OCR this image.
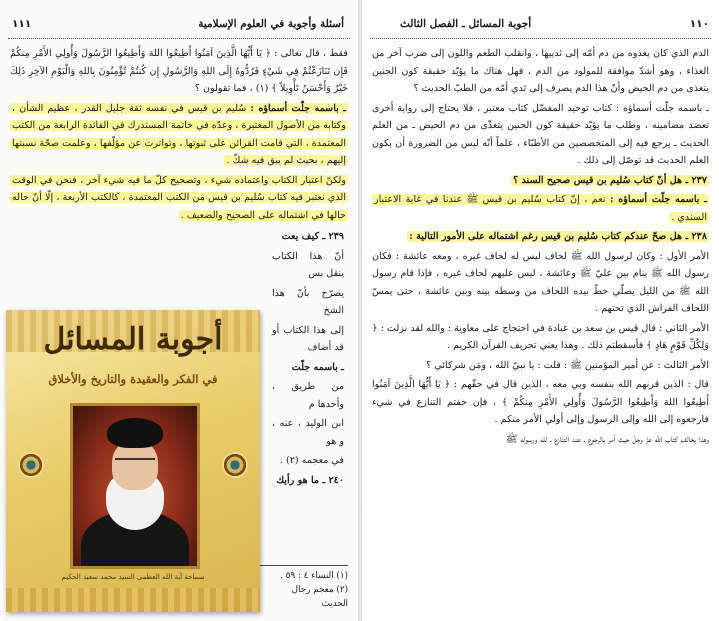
١١٠
أجوبة المسائل ـ الفصل الثالث

الدم الذي كان يغذوه من دم أمّه إلى ثدييها ، وانقلب الطعم واللون إلى ضرب آخر من الغذاء ، وهو أشدّ موافقة للمولود من الدم ، فهل هناك ما يؤيّد حقيقة كون الجنين يتغذى من دم الحيض وأنّ هذا الدم يصرف إلى ثدي أمّه من الطبّ الحديث ؟

ـ باسمه جلّت أسماؤه : كتاب توحيد المفضّل كتاب معتبر ، فلا يحتاج إلى رواية أخرى تعضد مضامينه ، وطلب ما يؤيّد حقيقة كون الجنين يتغذّى من دم الحيض ـ من العلم الحديث ـ يرجع فيه إلى المتخصصين من الأطبّاء ، علماً أنّه ليس من الضرورة أن يكون العلم الحديث قد توصّل إلى ذلك .

٢٣٧ ـ هل أنّ كتاب سُليم بن قيس صحيح السند ؟

ـ باسمه جلّت أسماؤه : نعم ، إنّ كتاب سُليم بن قيس ﷺ عندنا في غاية الاعتبار السندي .

٢٣٨ ـ هل صحّ عندكم كتاب سُليم بن قيس رغم اشتماله على الأمور التالية :

الأمر الأول : وكان لرسول الله ﷺ لحاف ليس له لحاف غيره ، ومعه عائشة : فكان رسول الله ﷺ ينام بين عليّ ﷺ وعائشة ، ليس عليهم لحاف غيره ، فإذا قام رسول الله ﷺ من الليل يصلّي حطّ بيده اللحاف من وسطه بينه وبين عائشة ، حتى يمسّ اللحاف الفراش الذي تحتهم .

الأمر الثاني : قال قيس بن سعد بن عبادة في احتجاج على معاوية : والله لقد نزلت : ﴿ وَلِكُلِّ قَوْمٍ هَادٍ ﴾ فأسقطتم ذلك . وهذا يعني تحريف القرآن الكريم .

الأمر الثالث : عن أمير المؤمنين ﷺ : قلت : يا نبيّ الله ، ومَن شركائي ؟

قال : الذين قرنهم الله بنفسه وبي معه ، الذين قال في حقّهم : ﴿ يَا أَيُّهَا الَّذِينَ آمَنُوا أَطِيعُوا اللهَ وَأَطِيعُوا الرَّسُولَ وَأُولِي الأَمْرِ مِنكُمْ ﴾ ، فإن خفتم التنازع في شيء فارجعوه إلى الله وإلى الرسول وإلى أولي الأمر منكم .

وهذا يخالف كتاب الله عزّ وجلّ حيث أمر بالرجوع ـ عند التنازع ـ لله ورسوله ﷺ

١١١	أسئلة وأجوبة في العلوم الإسلامية

فقط ، قال تعالى : ﴿ يَا أَيُّهَا الَّذِينَ آمَنُوا أَطِيعُوا اللهَ وَأَطِيعُوا الرَّسُولَ وَأُولِي الأَمْرِ مِنكُمْ فَإِن تَنَازَعْتُمْ فِي شَيْءٍ فَرُدُّوهُ إِلَى اللهِ وَالرَّسُولِ إِن كُنتُمْ تُؤْمِنُونَ بِاللهِ وَالْيَوْمِ الآخِرِ ذَلِكَ خَيْرٌ وَأَحْسَنُ تَأْوِيلاً ﴾ (١) ، فما تقولون ؟

ـ باسمه جلّت أسماؤه : سُليم بن قيس في نفسه ثقة جليل القدر ، عظيم الشأن ، وكتابه من الأصول المعتبرة ، وعدّه في خاتمة المستدرك في الفائدة الرابعة من الكتب المعتمدة ، التي قامت القرائن على ثبوتها ، وتواترت عن مؤلّفها ، وعلمت صحّة نسبتها إليهم ، بحيث لم يبق فيه شكّ .

ولكنّ اعتبار الكتاب واعتماده شيء ، وتصحيح كلّ ما فيه شيء آخر ، فنحن في الوقت الذي نعتبر فيه كتاب سُليم بن قيس من الكتب المعتمدة ، كالكتب الأربعة ، إلّا أنّ حاله حالها في اشتماله على الصحيح والضعيف .

٢٣٩ ـ كيف يعت

أنّ هذا الكتاب ينقل بس

يصرّح بأنّ هذا الشخ

إلى هذا الكتاب أو قد أضاف

ـ باسمه جلّت

من طريق ، وأحدها م

ابن الوليد ، عنه ، و هو

في معجمه (٢) .

٢٤٠ ـ ما هو رأيك

(١) النساء ٤ : ٥٩ .
(٢) معجم رجال الحديث
أجوبة المسائل
في الفكر والعقيدة والتاريخ والأخلاق
سماحة آية الله العظمى السيد محمد سعيد الحكيم
